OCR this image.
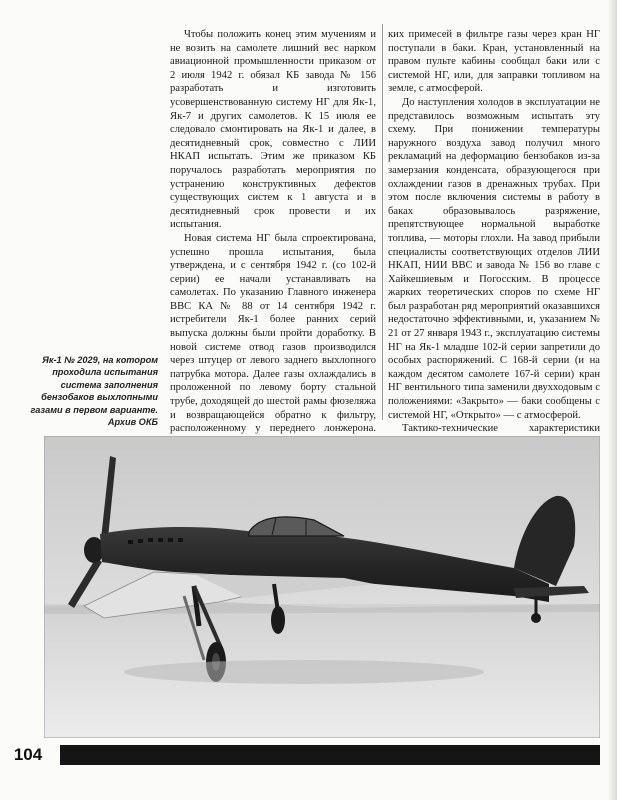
Чтобы положить конец этим мучениям и не возить на самолете лишний вес нарком авиационной промышленности приказом от 2 июля 1942 г. обязал КБ завода № 156 разработать и изготовить усовершенствованную систему НГ для Як-1, Як-7 и других самолетов. К 15 июля ее следовало смонтировать на Як-1 и далее, в десятидневный срок, совместно с ЛИИ НКАП испытать. Этим же приказом КБ поручалось разработать мероприятия по устранению конструктивных дефектов существующих систем к 1 августа и в десятидневный срок провести и их испытания.

Новая система НГ была спроектирована, успешно прошла испытания, была утверждена, и с сентября 1942 г. (со 102-й серии) ее начали устанавливать на самолетах. По указанию Главного инженера ВВС КА № 88 от 14 сентября 1942 г. истребители Як-1 более ранних серий выпуска должны были пройти доработку. В новой системе отвод газов производился через штуцер от левого заднего выхлопного патрубка мотора. Далее газы охлаждались в проложенной по левому борту стальной трубе, доходящей до шестой рамы фюзеляжа и возвращающейся обратно к фильтру, расположенному у переднего лонжерона.

ких примесей в фильтре газы через кран НГ поступали в баки. Кран, установленный на правом пульте кабины сообщал баки или с системой НГ, или, для заправки топливом на земле, с атмосферой.

До наступления холодов в эксплуатации не представилось возможным испытать эту схему. При понижении температуры наружного воздуха завод получил много рекламаций на деформацию бензобаков из-за замерзания конденсата, образующегося при охлаждении газов в дренажных трубах. При этом после включения системы в работу в баках образовывалось разряжение, препятствующее нормальной выработке топлива, — моторы глохли. На завод прибыли специалисты соответствующих отделов ЛИИ НКАП, НИИ ВВС и завода № 156 во главе с Хайкешиевым и Погосским. В процессе жарких теоретических споров по схеме НГ был разработан ряд мероприятий оказавшихся недостаточно эффективными, и, указанием № 21 от 27 января 1943 г., эксплуатацию системы НГ на Як-1 младше 102-й серии запретили до особых распоряжений. С 168-й серии (и на каждом десятом самолете 167-й серии) кран НГ вентильного типа заменили двухходовым с положениями: «Закрыто» — баки сообщены с системой НГ, «Открыто» — с атмосферой.

Тактико-технические характеристики

Як-1 № 2029, на котором проходила испытания система заполнения бензобаков выхлопными газами в первом варианте. Архив ОКБ
104
